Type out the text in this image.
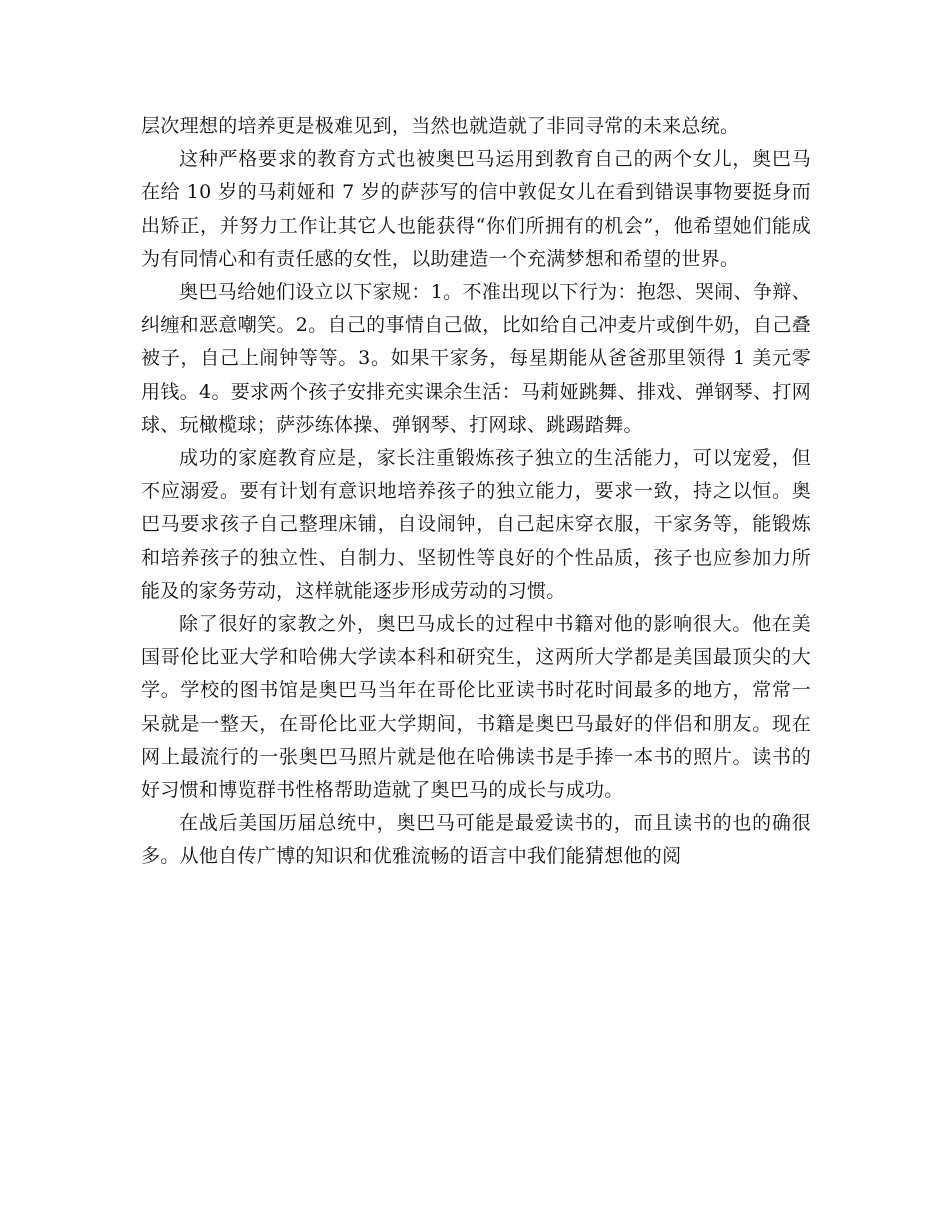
层次理想的培养更是极难见到，当然也就造就了非同寻常的未来总统。

这种严格要求的教育方式也被奥巴马运用到教育自己的两个女儿，奥巴马在给 10 岁的马莉娅和 7 岁的萨莎写的信中敦促女儿在看到错误事物要挺身而出矫正，并努力工作让其它人也能获得“你们所拥有的机会”，他希望她们能成为有同情心和有责任感的女性，以助建造一个充满梦想和希望的世界。

奥巴马给她们设立以下家规：1。不准出现以下行为：抱怨、哭闹、争辩、纠缠和恶意嘲笑。2。自己的事情自己做，比如给自己冲麦片或倒牛奶，自己叠被子，自己上闹钟等等。3。如果干家务，每星期能从爸爸那里领得 1 美元零用钱。4。要求两个孩子安排充实课余生活：马莉娅跳舞、排戏、弹钢琴、打网球、玩橄榄球；萨莎练体操、弹钢琴、打网球、跳踢踏舞。

成功的家庭教育应是，家长注重锻炼孩子独立的生活能力，可以宠爱，但不应溺爱。要有计划有意识地培养孩子的独立能力，要求一致，持之以恒。奥巴马要求孩子自己整理床铺，自设闹钟，自己起床穿衣服，干家务等，能锻炼和培养孩子的独立性、自制力、坚韧性等良好的个性品质，孩子也应参加力所能及的家务劳动，这样就能逐步形成劳动的习惯。

除了很好的家教之外，奥巴马成长的过程中书籍对他的影响很大。他在美国哥伦比亚大学和哈佛大学读本科和研究生，这两所大学都是美国最顶尖的大学。学校的图书馆是奥巴马当年在哥伦比亚读书时花时间最多的地方，常常一呆就是一整天，在哥伦比亚大学期间，书籍是奥巴马最好的伴侣和朋友。现在网上最流行的一张奥巴马照片就是他在哈佛读书是手捧一本书的照片。读书的好习惯和博览群书性格帮助造就了奥巴马的成长与成功。

在战后美国历届总统中，奥巴马可能是最爱读书的，而且读书的也的确很多。从他自传广博的知识和优雅流畅的语言中我们能猜想他的阅
